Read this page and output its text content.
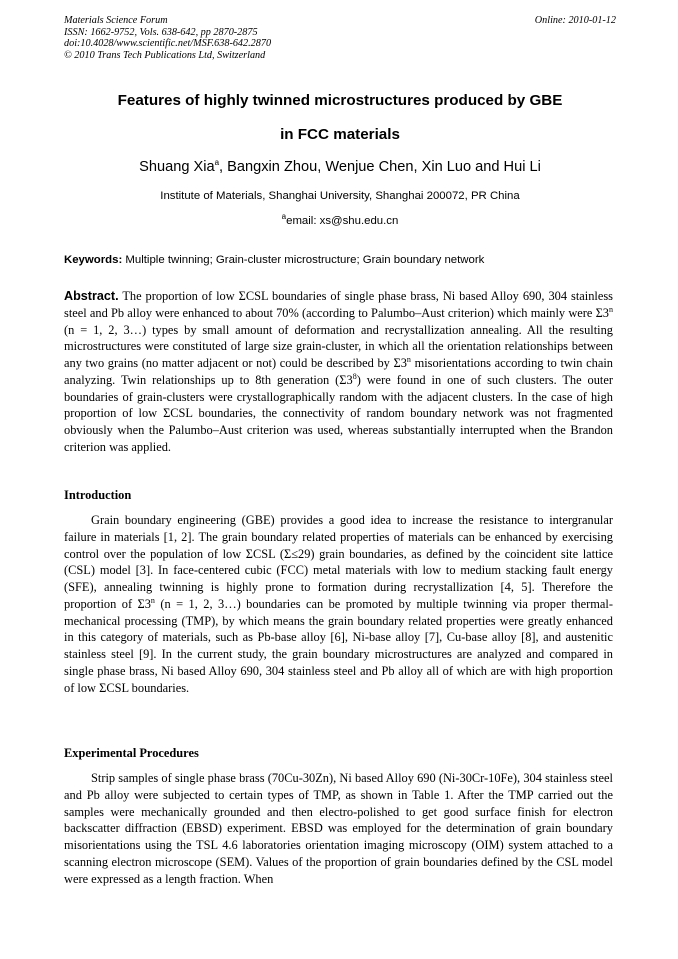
Materials Science Forum
ISSN: 1662-9752, Vols. 638-642, pp 2870-2875
doi:10.4028/www.scientific.net/MSF.638-642.2870
© 2010 Trans Tech Publications Ltd, Switzerland
Online: 2010-01-12
Features of highly twinned microstructures produced by GBE
in FCC materials
Shuang Xia$^a$, Bangxin Zhou, Wenjue Chen, Xin Luo and Hui Li
Institute of Materials, Shanghai University, Shanghai 200072, PR China
$^a$email: xs@shu.edu.cn
Keywords: Multiple twinning; Grain-cluster microstructure; Grain boundary network
Abstract. The proportion of low ΣCSL boundaries of single phase brass, Ni based Alloy 690, 304 stainless steel and Pb alloy were enhanced to about 70% (according to Palumbo–Aust criterion) which mainly were Σ3$^n$ (n = 1, 2, 3…) types by small amount of deformation and recrystallization annealing. All the resulting microstructures were constituted of large size grain-cluster, in which all the orientation relationships between any two grains (no matter adjacent or not) could be described by Σ3$^n$ misorientations according to twin chain analyzing. Twin relationships up to 8th generation $(\Sigma 3^8)$ were found in one of such clusters. The outer boundaries of grain-clusters were crystallographically random with the adjacent clusters. In the case of high proportion of low ΣCSL boundaries, the connectivity of random boundary network was not fragmented obviously when the Palumbo–Aust criterion was used, whereas substantially interrupted when the Brandon criterion was applied.
Introduction
Grain boundary engineering (GBE) provides a good idea to increase the resistance to intergranular failure in materials [1, 2]. The grain boundary related properties of materials can be enhanced by exercising control over the population of low ΣCSL (Σ≤29) grain boundaries, as defined by the coincident site lattice (CSL) model [3]. In face-centered cubic (FCC) metal materials with low to medium stacking fault energy (SFE), annealing twinning is highly prone to formation during recrystallization [4, 5]. Therefore the proportion of Σ3$^n$ (n = 1, 2, 3…) boundaries can be promoted by multiple twinning via proper thermal-mechanical processing (TMP), by which means the grain boundary related properties were greatly enhanced in this category of materials, such as Pb-base alloy [6], Ni-base alloy [7], Cu-base alloy [8], and austenitic stainless steel [9]. In the current study, the grain boundary microstructures are analyzed and compared in single phase brass, Ni based Alloy 690, 304 stainless steel and Pb alloy all of which are with high proportion of low ΣCSL boundaries.
Experimental Procedures
Strip samples of single phase brass (70Cu-30Zn), Ni based Alloy 690 (Ni-30Cr-10Fe), 304 stainless steel and Pb alloy were subjected to certain types of TMP, as shown in Table 1. After the TMP carried out the samples were mechanically grounded and then electro-polished to get good surface finish for electron backscatter diffraction (EBSD) experiment. EBSD was employed for the determination of grain boundary misorientations using the TSL 4.6 laboratories orientation imaging microscopy (OIM) system attached to a scanning electron microscope (SEM). Values of the proportion of grain boundaries defined by the CSL model were expressed as a length fraction. When
